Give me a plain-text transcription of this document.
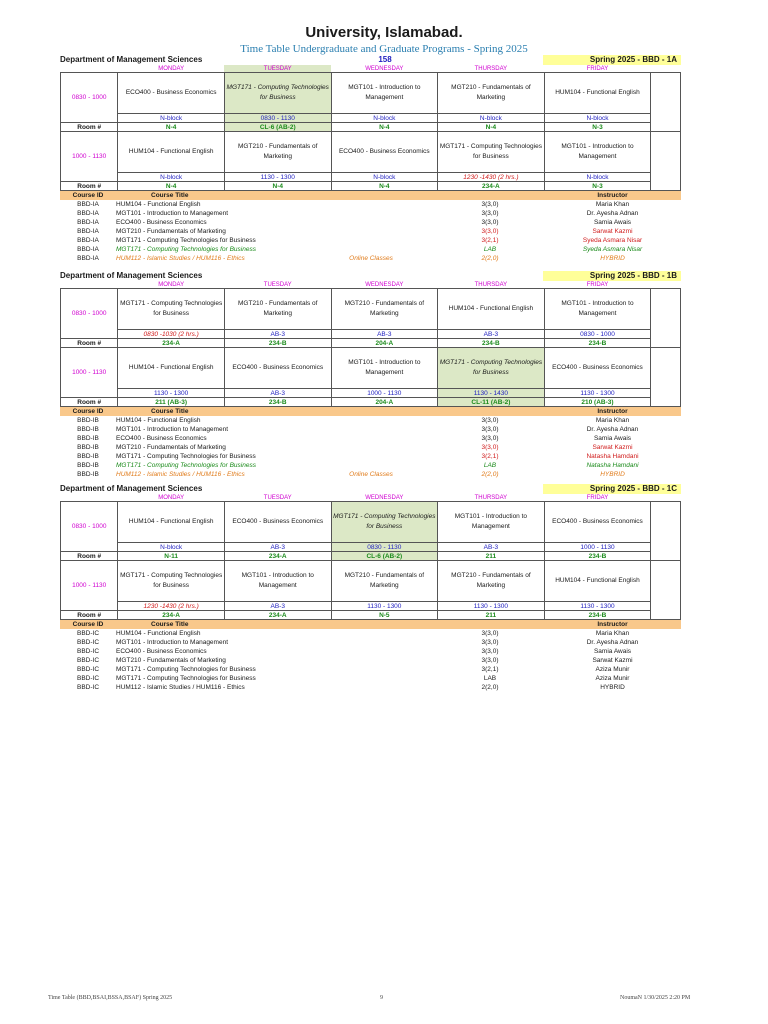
University, Islamabad.
Time Table Undergraduate and Graduate Programs - Spring 2025
Department of Management Sciences	158	Spring 2025 - BBD - 1A
	MONDAY	TUESDAY	WEDNESDAY	THURSDAY	FRIDAY	
0830 - 1000	ECO400 - Business Economics	MGT171 - Computing Technologies for Business	MGT101 - Introduction to Management	MGT210 - Fundamentals of Marketing	HUM104 - Functional English	
	N-block	0830 - 1130	N-block	N-block	N-block	
Room #	N-4	CL-6 (AB-2)	N-4	N-4	N-3	
1000 - 1130	HUM104 - Functional English	MGT210 - Fundamentals of Marketing	ECO400 - Business Economics	MGT171 - Computing Technologies for Business	MGT101 - Introduction to Management	
	N-block	1130 - 1300	N-block	1230 -1430 (2 hrs.)	N-block	
Room #	N-4	N-4	N-4	234-A	N-3	
Course ID	Course Title			Instructor
BBD-IA	HUM104 - Functional English		3(3,0)	Maria Khan
BBD-IA	MGT101 - Introduction to Management		3(3,0)	Dr. Ayesha Adnan
BBD-IA	ECO400 - Business Economics		3(3,0)	Samia Awais
BBD-IA	MGT210 - Fundamentals of Marketing		3(3,0)	Sarwat Kazmi
BBD-IA	MGT171 - Computing Technologies for Business		3(2,1)	Syeda Asmara Nisar
BBD-IA	MGT171 - Computing Technologies for Business		LAB	Syeda Asmara Nisar
BBD-IA	HUM112 - Islamic Studies / HUM116 - Ethics	Online Classes	2(2,0)	HYBRID
Department of Management Sciences	Spring 2025 - BBD - 1B
	MONDAY	TUESDAY	WEDNESDAY	THURSDAY	FRIDAY	
0830 - 1000	MGT171 - Computing Technologies for Business	MGT210 - Fundamentals of Marketing	MGT210 - Fundamentals of Marketing	HUM104 - Functional English	MGT101 - Introduction to Management	
	0830 -1030 (2 hrs.)	AB-3	AB-3	AB-3	0830 - 1000	
Room #	234-A	234-B	204-A	234-B	234-B	
1000 - 1130	HUM104 - Functional English	ECO400 - Business Economics	MGT101 - Introduction to Management	MGT171 - Computing Technologies for Business	ECO400 - Business Economics	
	1130 - 1300	AB-3	1000 - 1130	1130 - 1430	1130 - 1300	
Room #	211 (AB-3)	234-B	204-A	CL-11 (AB-2)	210 (AB-3)	
Course ID	Course Title			Instructor
BBD-IB	HUM104 - Functional English		3(3,0)	Maria Khan
BBD-IB	MGT101 - Introduction to Management		3(3,0)	Dr. Ayesha Adnan
BBD-IB	ECO400 - Business Economics		3(3,0)	Samia Awais
BBD-IB	MGT210 - Fundamentals of Marketing		3(3,0)	Sarwat Kazmi
BBD-IB	MGT171 - Computing Technologies for Business		3(2,1)	Natasha Hamdani
BBD-IB	MGT171 - Computing Technologies for Business		LAB	Natasha Hamdani
BBD-IB	HUM112 - Islamic Studies / HUM116 - Ethics	Online Classes	2(2,0)	HYBRID
Department of Management Sciences	Spring 2025 - BBD - 1C
	MONDAY	TUESDAY	WEDNESDAY	THURSDAY	FRIDAY	
0830 - 1000	HUM104 - Functional English	ECO400 - Business Economics	MGT171 - Computing Technologies for Business	MGT101 - Introduction to Management	ECO400 - Business Economics	
	N-block	AB-3	0830 - 1130	AB-3	1000 - 1130	
Room #	N-11	234-A	CL-6 (AB-2)	211	234-B	
1000 - 1130	MGT171 - Computing Technologies for Business	MGT101 - Introduction to Management	MGT210 - Fundamentals of Marketing	MGT210 - Fundamentals of Marketing	HUM104 - Functional English	
	1230 -1430 (2 hrs.)	AB-3	1130 - 1300	1130 - 1300	1130 - 1300	
Room #	234-A	234-A	N-5	211	234-B	
Course ID	Course Title			Instructor
BBD-IC	HUM104 - Functional English		3(3,0)	Maria Khan
BBD-IC	MGT101 - Introduction to Management		3(3,0)	Dr. Ayesha Adnan
BBD-IC	ECO400 - Business Economics		3(3,0)	Samia Awais
BBD-IC	MGT210 - Fundamentals of Marketing		3(3,0)	Sarwat Kazmi
BBD-IC	MGT171 - Computing Technologies for Business		3(2,1)	Aziza Munir
BBD-IC	MGT171 - Computing Technologies for Business		LAB	Aziza Munir
BBD-IC	HUM112 - Islamic Studies / HUM116 - Ethics		2(2,0)	HYBRID
Time Table (BBD,BSAI,BSSA,BSAF) Spring 2025	9	NoumaN 1/30/2025 2:20 PM
